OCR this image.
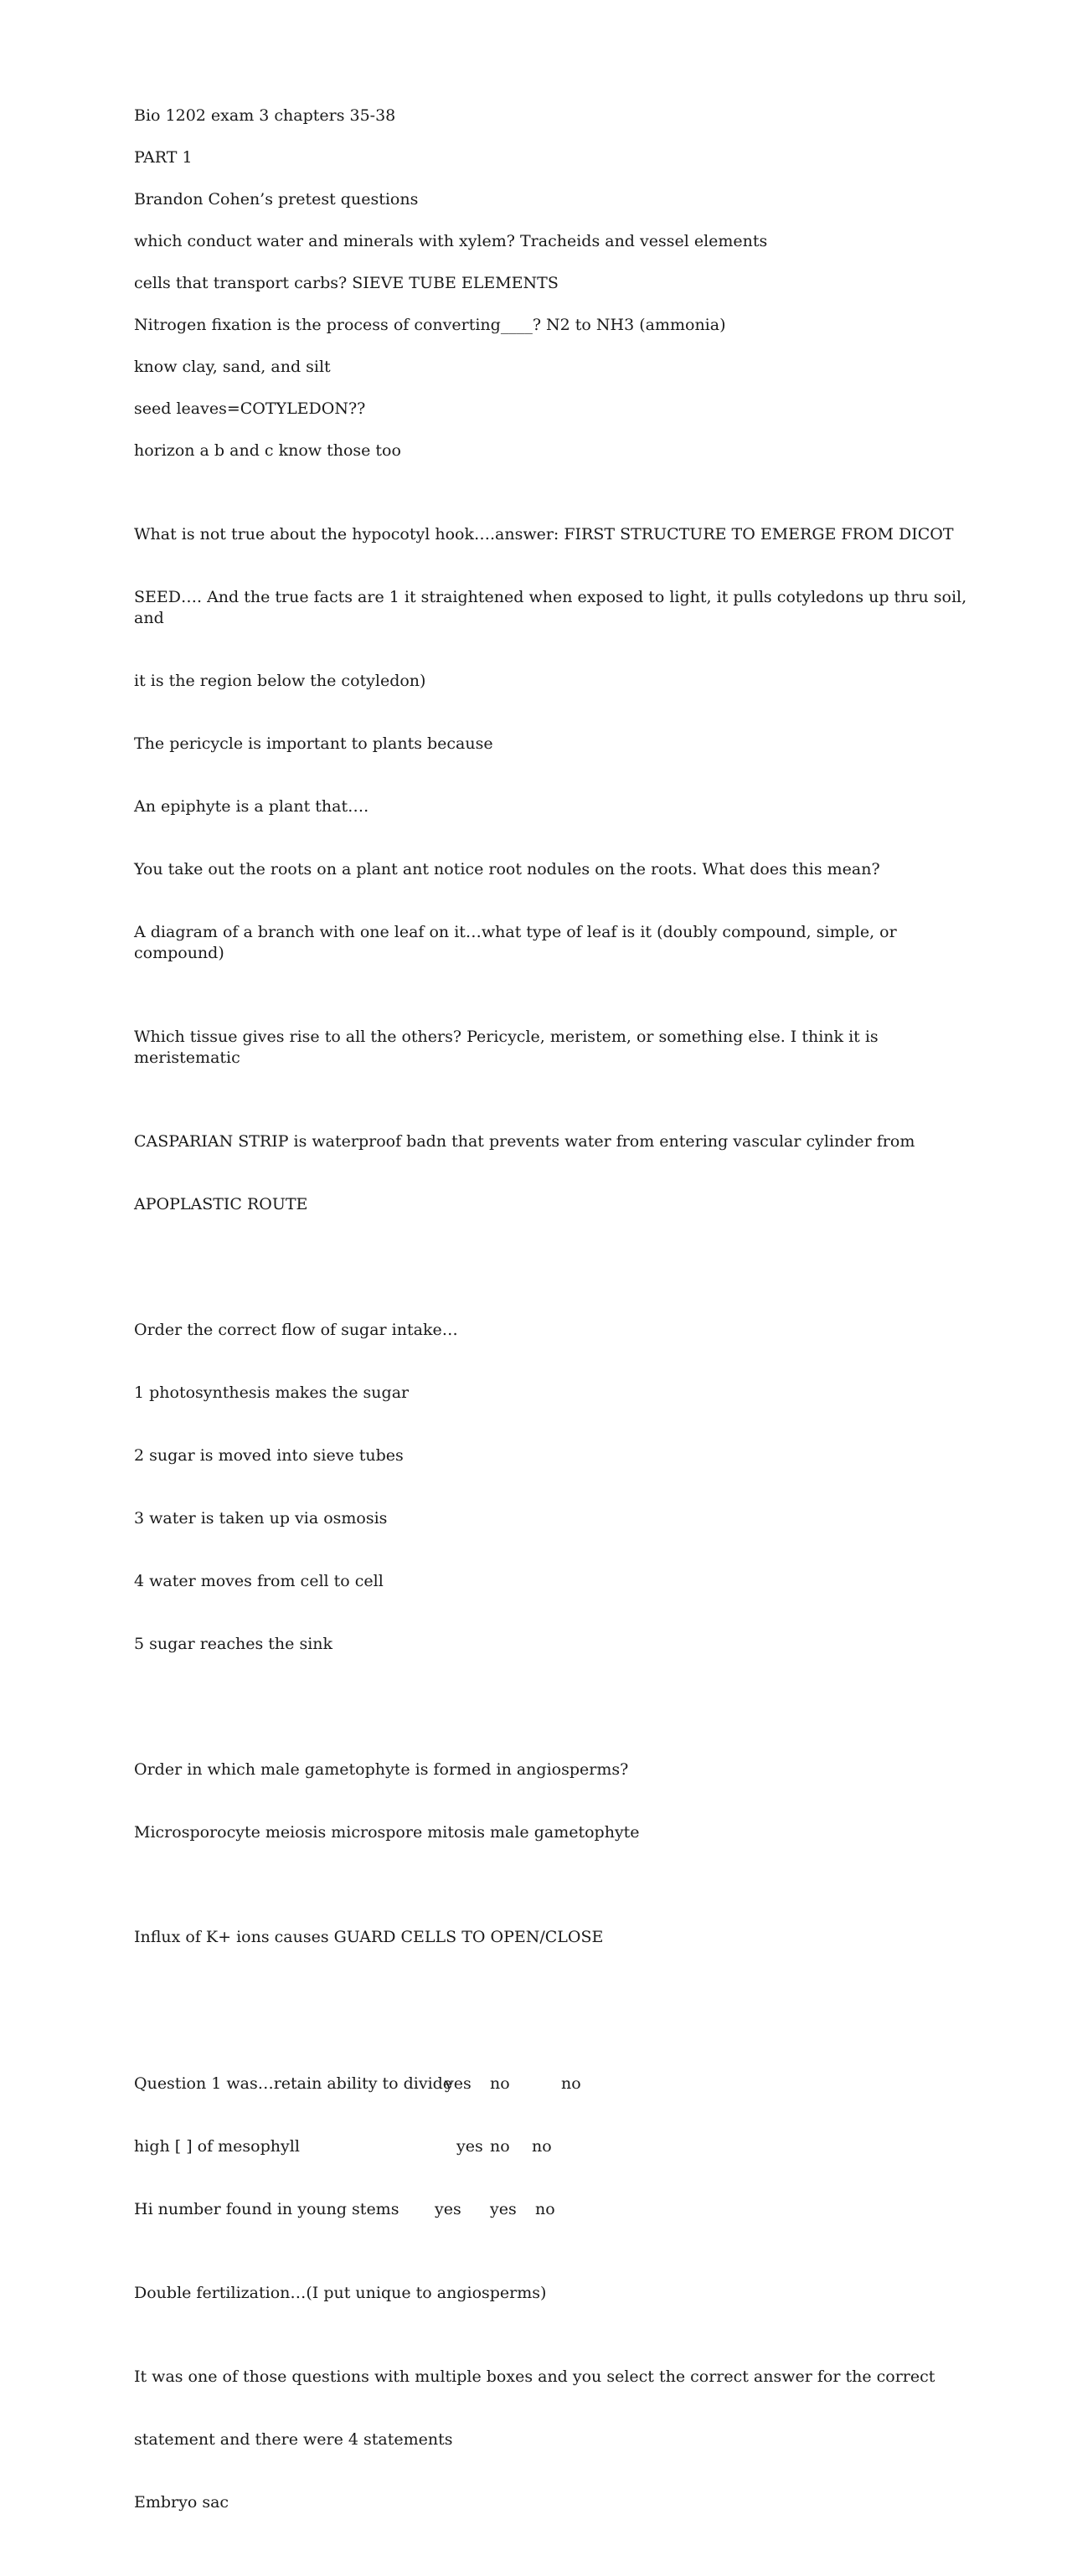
Bio 1202 exam 3 chapters 35-38

PART 1

Brandon Cohen’s pretest questions

which conduct water and minerals with xylem? Tracheids and vessel elements

cells that transport carbs? SIEVE TUBE ELEMENTS

Nitrogen fixation is the process of converting____? N2 to NH3 (ammonia)

know clay, sand, and silt

seed leaves=COTYLEDON??

horizon a b and c know those too

What is not true about the hypocotyl hook….answer: FIRST STRUCTURE TO EMERGE FROM DICOT

SEED…. And the true facts are 1 it straightened when exposed to light, it pulls cotyledons up thru soil, and

it is the region below the cotyledon)

The pericycle is important to plants because

An epiphyte is a plant that….

You take out the roots on a plant ant notice root nodules on the roots. What does this mean?

A diagram of a branch with one leaf on it…what type of leaf is it (doubly compound, simple, or compound)

Which tissue gives rise to all the others? Pericycle, meristem, or something else. I think it is meristematic

CASPARIAN STRIP is waterproof badn that prevents water from entering vascular cylinder from

APOPLASTIC ROUTE

Order the correct flow of sugar intake…

1 photosynthesis makes the sugar

2 sugar is moved into sieve tubes

3 water is taken up via osmosis

4 water moves from cell to cell

5 sugar reaches the sink

Order in which male gametophyte is formed in angiosperms?

Microsporocyte meiosis microspore mitosis male gametophyte

Influx of K+ ions causes GUARD CELLS TO OPEN/CLOSE

Question 1 was…retain ability to divide
yes no	no

high [ ] of mesophyll	yes no no

Hi number found in young stems yes yes no

Double fertilization…(I put unique to angiosperms)

It was one of those questions with multiple boxes and you select the correct answer for the correct

statement and there were 4 statements

Embryo sac
